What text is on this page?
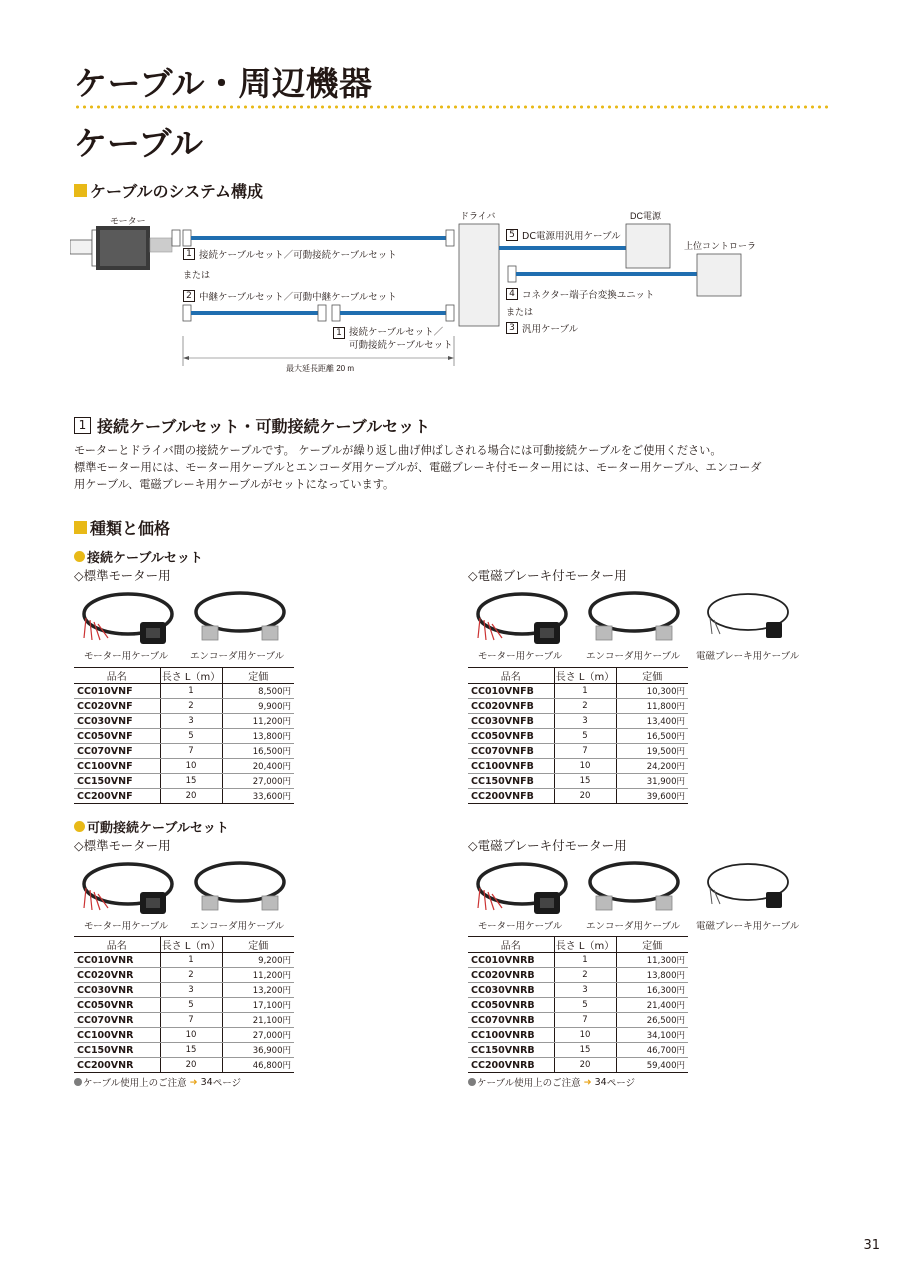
ケーブル・周辺機器
ケーブル
ケーブルのシステム構成
モーター	ドライバ	DC電源
上位コントローラ
最大延長距離 20 m
1 接続ケーブルセット／可動接続ケーブルセット
または
2 中継ケーブルセット／可動中継ケーブルセット
1 接続ケーブルセット／
可動接続ケーブルセット
5 DC電源用汎用ケーブル
4 コネクター端子台変換ユニット
または
3 汎用ケーブル
1 接続ケーブルセット・可動接続ケーブルセット
モーターとドライバ間の接続ケーブルです。 ケーブルが繰り返し曲げ伸ばしされる場合には可動接続ケーブルをご使用ください。
標準モーター用には、モーター用ケーブルとエンコーダ用ケーブルが、電磁ブレーキ付モーター用には、モーター用ケーブル、エンコーダ
用ケーブル、電磁ブレーキ用ケーブルがセットになっています。
種類と価格
接続ケーブルセット
◇標準モーター用	◇電磁ブレーキ付モーター用
モーター用ケーブル エンコーダ用ケーブル	モーター用ケーブル エンコーダ用ケーブル 電磁ブレーキ用ケーブル
品名	長さ L（m）	定価
CC010VNF	1	8,500円
CC020VNF	2	9,900円
CC030VNF	3	11,200円
CC050VNF	5	13,800円
CC070VNF	7	16,500円
CC100VNF	10	20,400円
CC150VNF	15	27,000円
CC200VNF	20	33,600円
品名	長さ L（m）	定価
CC010VNFB	1	10,300円
CC020VNFB	2	11,800円
CC030VNFB	3	13,400円
CC050VNFB	5	16,500円
CC070VNFB	7	19,500円
CC100VNFB	10	24,200円
CC150VNFB	15	31,900円
CC200VNFB	20	39,600円
可動接続ケーブルセット
◇標準モーター用	◇電磁ブレーキ付モーター用
モーター用ケーブル エンコーダ用ケーブル	モーター用ケーブル エンコーダ用ケーブル 電磁ブレーキ用ケーブル
品名	長さ L（m）	定価
CC010VNR	1	9,200円
CC020VNR	2	11,200円
CC030VNR	3	13,200円
CC050VNR	5	17,100円
CC070VNR	7	21,100円
CC100VNR	10	27,000円
CC150VNR	15	36,900円
CC200VNR	20	46,800円
品名	長さ L（m）	定価
CC010VNRB	1	11,300円
CC020VNRB	2	13,800円
CC030VNRB	3	16,300円
CC050VNRB	5	21,400円
CC070VNRB	7	26,500円
CC100VNRB	10	34,100円
CC150VNRB	15	46,700円
CC200VNRB	20	59,400円
ケーブル使用上のご注意 ➜ 34 ページ	ケーブル使用上のご注意 ➜ 34 ページ
31
